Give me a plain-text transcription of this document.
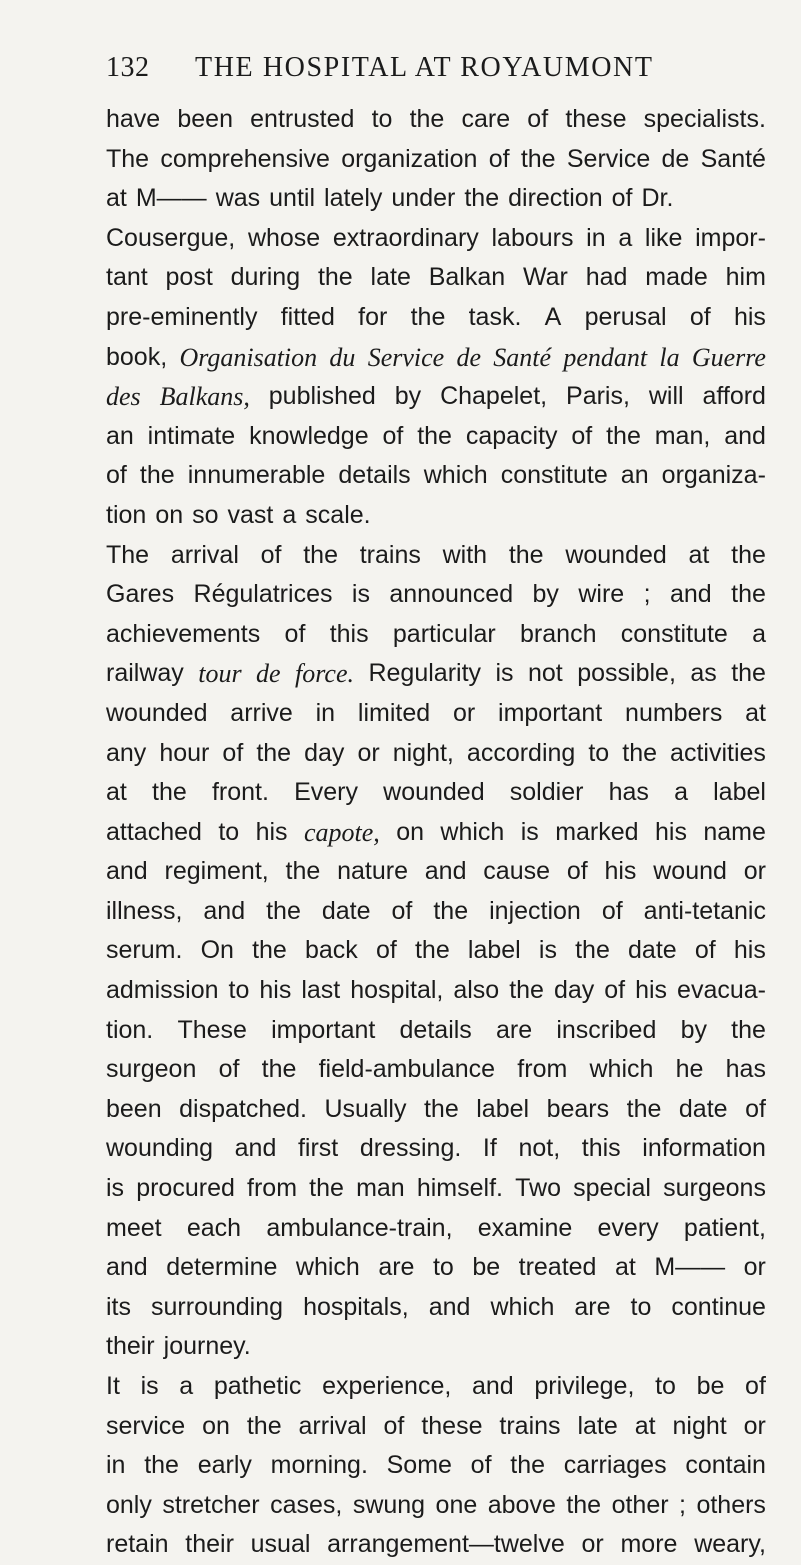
132 THE HOSPITAL AT ROYAUMONT
have been entrusted to the care of these specialists.
The comprehensive organization of the Service de Santé
at M—— was until lately under the direction of Dr.
Cousergue, whose extraordinary labours in a like impor-
tant post during the late Balkan War had made him
pre-eminently fitted for the task. A perusal of his
book, Organisation du Service de Santé pendant la Guerre
des Balkans, published by Chapelet, Paris, will afford
an intimate knowledge of the capacity of the man, and
of the innumerable details which constitute an organiza-
tion on so vast a scale.
The arrival of the trains with the wounded at the
Gares Régulatrices is announced by wire ; and the
achievements of this particular branch constitute a
railway tour de force. Regularity is not possible, as the
wounded arrive in limited or important numbers at
any hour of the day or night, according to the activities
at the front. Every wounded soldier has a label
attached to his capote, on which is marked his name
and regiment, the nature and cause of his wound or
illness, and the date of the injection of anti-tetanic
serum. On the back of the label is the date of his
admission to his last hospital, also the day of his evacua-
tion. These important details are inscribed by the
surgeon of the field-ambulance from which he has
been dispatched. Usually the label bears the date of
wounding and first dressing. If not, this information
is procured from the man himself. Two special surgeons
meet each ambulance-train, examine every patient,
and determine which are to be treated at M—— or
its surrounding hospitals, and which are to continue
their journey.
It is a pathetic experience, and privilege, to be of
service on the arrival of these trains late at night or
in the early morning. Some of the carriages contain
only stretcher cases, swung one above the other ; others
retain their usual arrangement—twelve or more weary,
